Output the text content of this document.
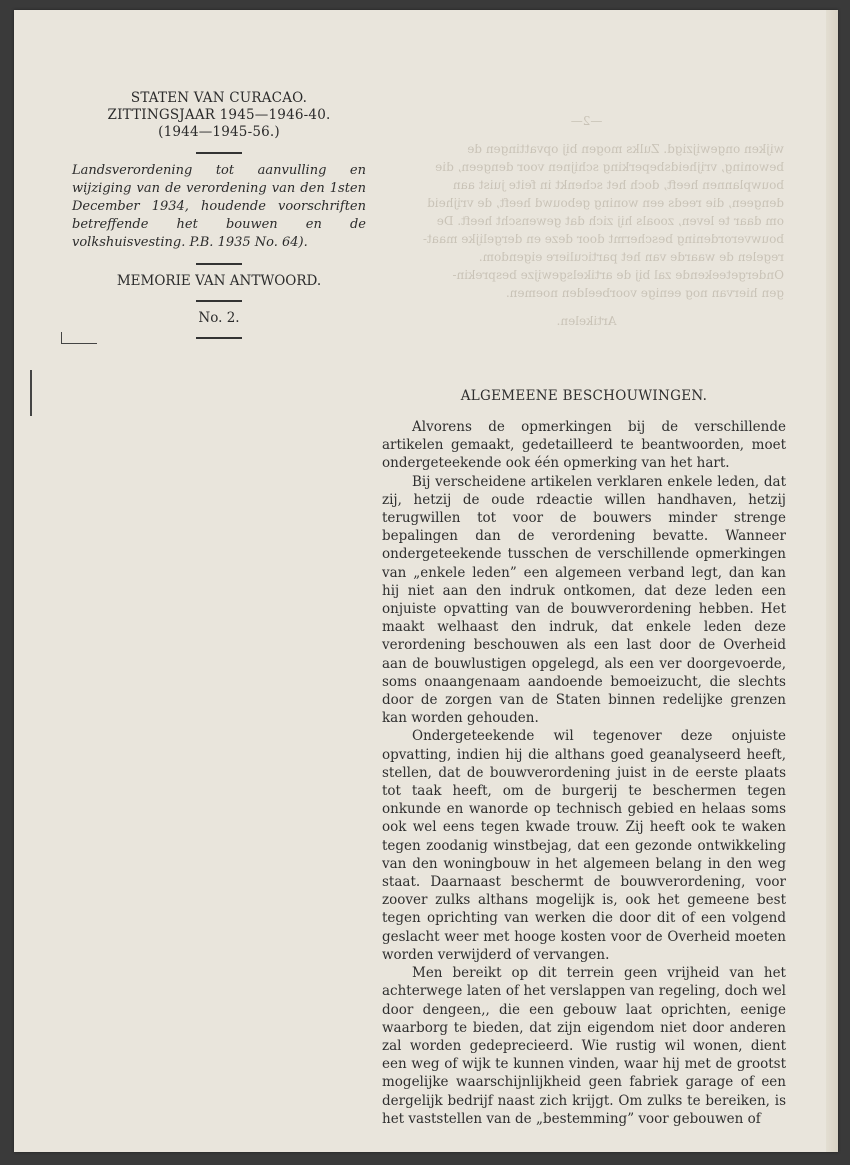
—2—

wijken ongewijzigd. Zulks mogen bij opvattingen de

bewoning, vrijheidsbeperking schijnen voor dengeen, die

bouwplannen heeft, doch het schenkt in feite juist aan

dengeen, die reeds een woning gebouwd heeft, de vrijheid

om daar te leven, zooals hij zich dat gewenscht heeft. De

bouwverordening beschermt door deze en dergelijke maat-

regelen de waarde van het particuliere eigendom.

Ondergeteekende zal bij de artikelsgewijze besprekin-

gen hiervan nog eenige voorbeelden noemen.

Artikelen.

STATEN VAN CURACAO.
ZITTINGSJAAR 1945—1946-40.
(1944—1945-56.)
Landsverordening tot aanvulling en wijziging van de verordening van den 1sten December 1934, houdende voorschriften betreffende het bouwen en de volkshuisvesting. P.B. 1935 No. 64).
MEMORIE VAN ANTWOORD.
No. 2.
ALGEMEENE BESCHOUWINGEN.

Alvorens de opmerkingen bij de verschillende artikelen gemaakt, gedetailleerd te beantwoorden, moet ondergeteekende ook één opmerking van het hart.

Bij verscheidene artikelen verklaren enkele leden, dat zij, hetzij de oude rdeactie willen handhaven, hetzij terugwillen tot voor de bouwers minder strenge bepalingen dan de verordening bevatte. Wanneer ondergeteekende tusschen de verschillende opmerkingen van „enkele leden” een algemeen verband legt, dan kan hij niet aan den indruk ontkomen, dat deze leden een onjuiste opvatting van de bouwverordening hebben. Het maakt welhaast den indruk, dat enkele leden deze verordening beschouwen als een last door de Overheid aan de bouwlustigen opgelegd, als een ver doorgevoerde, soms onaangenaam aandoende bemoeizucht, die slechts door de zorgen van de Staten binnen redelijke grenzen kan worden gehouden.

Ondergeteekende wil tegenover deze onjuiste opvatting, indien hij die althans goed geanalyseerd heeft, stellen, dat de bouwverordening juist in de eerste plaats tot taak heeft, om de burgerij te beschermen tegen onkunde en wanorde op technisch gebied en helaas soms ook wel eens tegen kwade trouw. Zij heeft ook te waken tegen zoodanig winstbejag, dat een gezonde ontwikkeling van den woningbouw in het algemeen belang in den weg staat. Daarnaast beschermt de bouwverordening, voor zoover zulks althans mogelijk is, ook het gemeene best tegen oprichting van werken die door dit of een volgend geslacht weer met hooge kosten voor de Overheid moeten worden verwijderd of vervangen.

Men bereikt op dit terrein geen vrijheid van het achterwege laten of het verslappen van regeling, doch wel door dengeen,, die een gebouw laat oprichten, eenige waarborg te bieden, dat zijn eigendom niet door anderen zal worden gedeprecieerd. Wie rustig wil wonen, dient een weg of wijk te kunnen vinden, waar hij met de grootst mogelijke waarschijnlijkheid geen fabriek garage of een dergelijk bedrijf naast zich krijgt. Om zulks te bereiken, is het vaststellen van de „bestemming” voor gebouwen of
